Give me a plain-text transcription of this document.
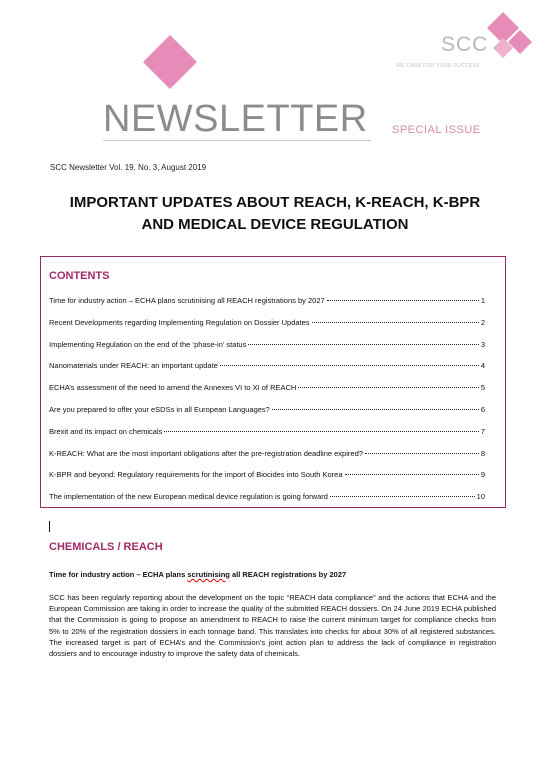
SCC
WE CARE FOR YOUR SUCCESS
NEWSLETTER SPECIAL ISSUE
SCC Newsletter Vol. 19, No. 3, August 2019
IMPORTANT UPDATES ABOUT REACH, K-REACH, K-BPR
AND MEDICAL DEVICE REGULATION
CONTENTS
Time for industry action – ECHA plans scrutinising all REACH registrations by 2027	1
Recent Developments regarding Implementing Regulation on Dossier Updates	2
Implementing Regulation on the end of the ‘phase-in’ status	3
Nanomaterials under REACH: an important update	4
ECHA’s assessment of the need to amend the Annexes VI to XI of REACH	5
Are you prepared to offer your eSDSs in all European Languages?	6
Brexit and its impact on chemicals	7
K-REACH: What are the most important obligations after the pre-registration deadline expired?	8
K-BPR and beyond: Regulatory requirements for the import of Biocides into South Korea	9
The implementation of the new European medical device regulation is going forward	10
CHEMICALS / REACH
Time for industry action – ECHA plans scrutinising all REACH registrations by 2027

SCC has been regularly reporting about the development on the topic “REACH data compliance” and the actions that ECHA and the European Commission are taking in order to increase the quality of the submitted REACH dossiers. On 24 June 2019 ECHA published that the Commission is going to propose an amendment to REACH to raise the current minimum target for compliance checks from 5% to 20% of the registration dossiers in each tonnage band. This translates into checks for about 30% of all registered substances. The increased target is part of ECHA’s and the Commission’s joint action plan to address the lack of compliance in registration dossiers and to encourage industry to improve the safety data of chemicals.
